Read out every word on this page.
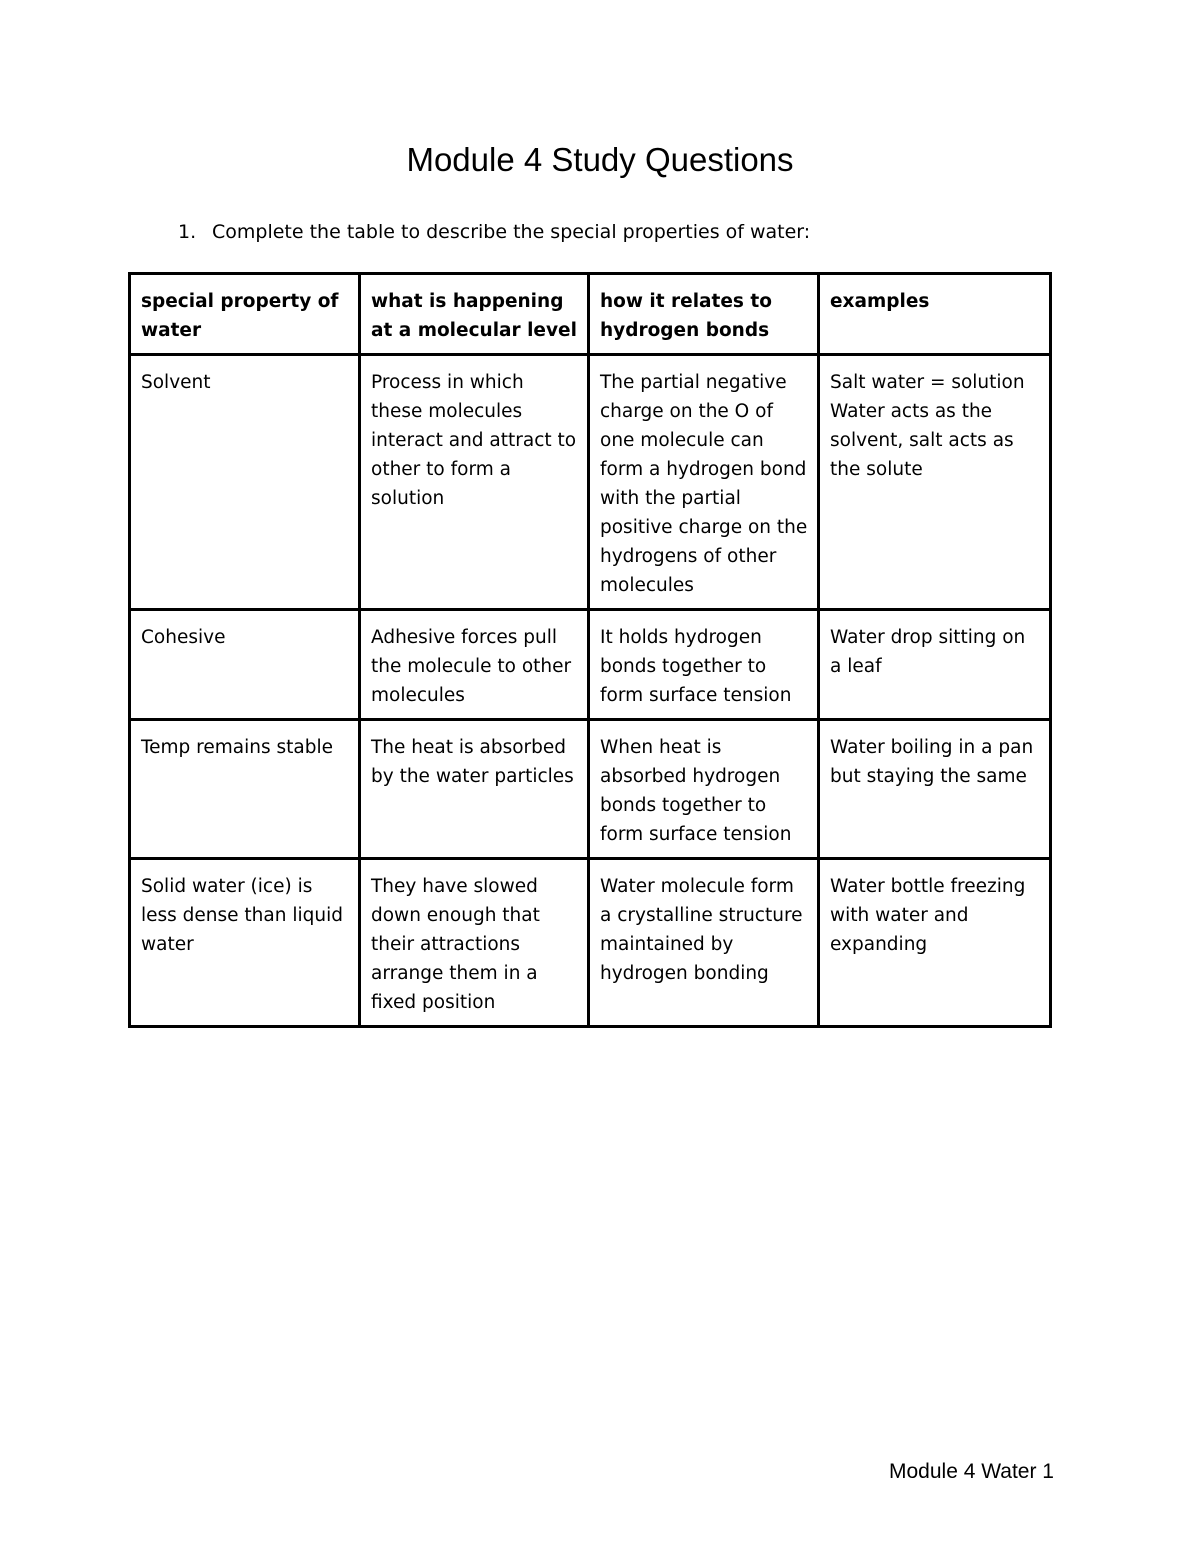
Module 4 Study Questions
1. Complete the table to describe the special properties of water:
special property of water	what is happening at a molecular level	how it relates to hydrogen bonds	examples
Solvent	Process in which these molecules interact and attract to other to form a solution	The partial negative charge on the O of one molecule can form a hydrogen bond with the partial positive charge on the hydrogens of other molecules	Salt water = solution Water acts as the solvent, salt acts as the solute
Cohesive	Adhesive forces pull the molecule to other molecules	It holds hydrogen bonds together to form surface tension	Water drop sitting on a leaf
Temp remains stable	The heat is absorbed by the water particles	When heat is absorbed hydrogen bonds together to form surface tension	Water boiling in a pan but staying the same
Solid water (ice) is less dense than liquid water	They have slowed down enough that their attractions arrange them in a fixed position	Water molecule form a crystalline structure maintained by hydrogen bonding	Water bottle freezing with water and expanding
Module 4 Water 1
